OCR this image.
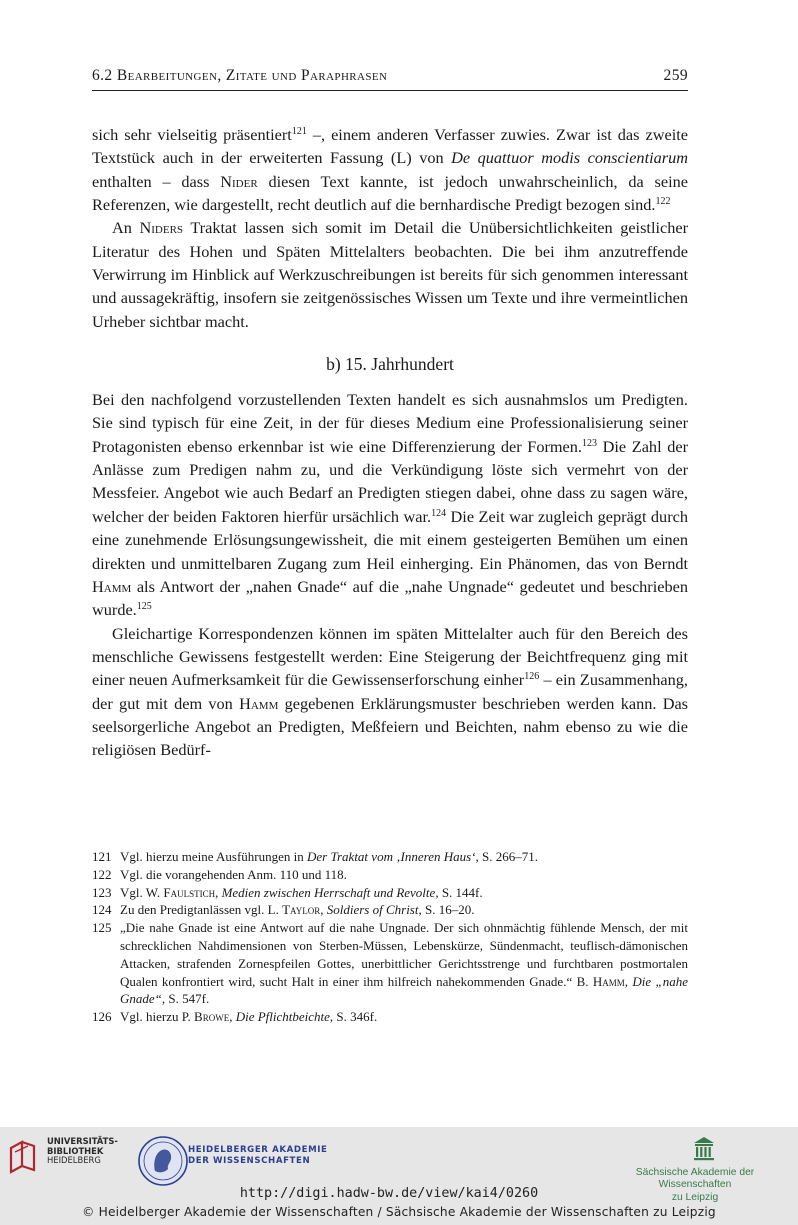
6.2 Bearbeitungen, Zitate und Paraphrasen	259

sich sehr vielseitig präsentiert$^{121}$ –, einem anderen Verfasser zuwies. Zwar ist das zweite Textstück auch in der erweiterten Fassung (L) von De quattuor modis conscientiarum enthalten – dass Nider diesen Text kannte, ist jedoch unwahrscheinlich, da seine Referenzen, wie dargestellt, recht deutlich auf die bernhardische Predigt bezogen sind.$^{122}$

An Niders Traktat lassen sich somit im Detail die Unübersichtlichkeiten geistlicher Literatur des Hohen und Späten Mittelalters beobachten. Die bei ihm anzutreffende Verwirrung im Hinblick auf Werkzuschreibungen ist bereits für sich genommen interessant und aussagekräftig, insofern sie zeitgenössisches Wissen um Texte und ihre vermeintlichen Urheber sichtbar macht.

b) 15. Jahrhundert

Bei den nachfolgend vorzustellenden Texten handelt es sich ausnahmslos um Predigten. Sie sind typisch für eine Zeit, in der für dieses Medium eine Professionalisierung seiner Protagonisten ebenso erkennbar ist wie eine Differenzierung der Formen.$^{123}$ Die Zahl der Anlässe zum Predigen nahm zu, und die Verkündigung löste sich vermehrt von der Messfeier. Angebot wie auch Bedarf an Predigten stiegen dabei, ohne dass zu sagen wäre, welcher der beiden Faktoren hierfür ursächlich war.$^{124}$ Die Zeit war zugleich geprägt durch eine zunehmende Erlösungsungewissheit, die mit einem gesteigerten Bemühen um einen direkten und unmittelbaren Zugang zum Heil einherging. Ein Phänomen, das von Berndt Hamm als Antwort der „nahen Gnade“ auf die „nahe Ungnade“ gedeutet und beschrieben wurde.$^{125}$

Gleichartige Korrespondenzen können im späten Mittelalter auch für den Bereich des menschliche Gewissens festgestellt werden: Eine Steigerung der Beichtfrequenz ging mit einer neuen Aufmerksamkeit für die Gewissenserforschung einher$^{126}$ – ein Zusammenhang, der gut mit dem von Hamm gegebenen Erklärungsmuster beschrieben werden kann. Das seelsorgerliche Angebot an Predigten, Meßfeiern und Beichten, nahm ebenso zu wie die religiösen Bedürf-

121 Vgl. hierzu meine Ausführungen in Der Traktat vom ‚Inneren Haus‘, S. 266–71.
122 Vgl. die vorangehenden Anm. 110 und 118.
123 Vgl. W. Faulstich, Medien zwischen Herrschaft und Revolte, S. 144f.
124 Zu den Predigtanlässen vgl. L. Taylor, Soldiers of Christ, S. 16–20.
125 „Die nahe Gnade ist eine Antwort auf die nahe Ungnade. Der sich ohnmächtig fühlende Mensch, der mit schrecklichen Nahdimensionen von Sterben-Müssen, Lebenskürze, Sündenmacht, teuflisch-dämonischen Attacken, strafenden Zornespfeilen Gottes, unerbittlicher Gerichtsstrenge und furchtbaren postmortalen Qualen konfrontiert wird, sucht Halt in einer ihm hilfreich nahekommenden Gnade.“ B. Hamm, Die „nahe Gnade“, S. 547f.
126 Vgl. hierzu P. Browe, Die Pflichtbeichte, S. 346f.
UNIVERSITÄTS-
BIBLIOTHEK
HEIDELBERG
HEIDELBERGER AKADEMIE
DER WISSENSCHAFTEN
Sächsische Akademie der Wissenschaften
zu Leipzig
http://digi.hadw-bw.de/view/kai4/0260
© Heidelberger Akademie der Wissenschaften / Sächsische Akademie der Wissenschaften zu Leipzig
